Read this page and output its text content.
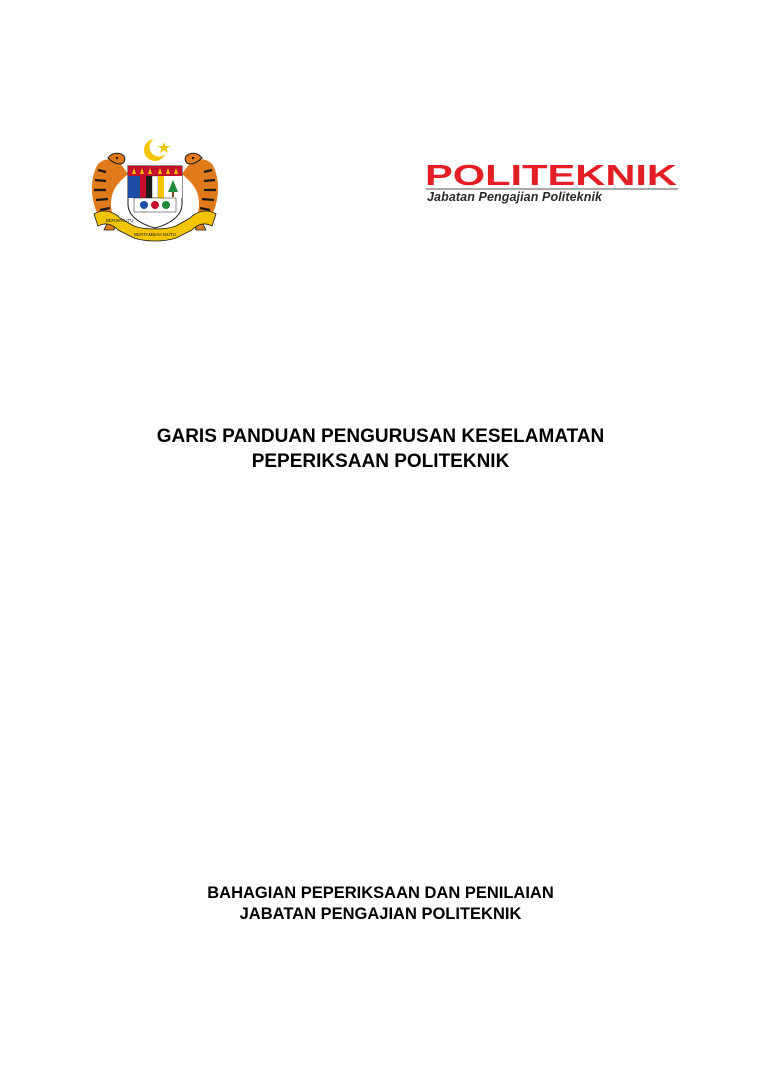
BERSEKUTU
BERTAMBAH MUTU
POLITEKNIK
Jabatan Pengajian Politeknik
GARIS PANDUAN PENGURUSAN KESELAMATAN
PEPERIKSAAN POLITEKNIK
BAHAGIAN PEPERIKSAAN DAN PENILAIAN
JABATAN PENGAJIAN POLITEKNIK
